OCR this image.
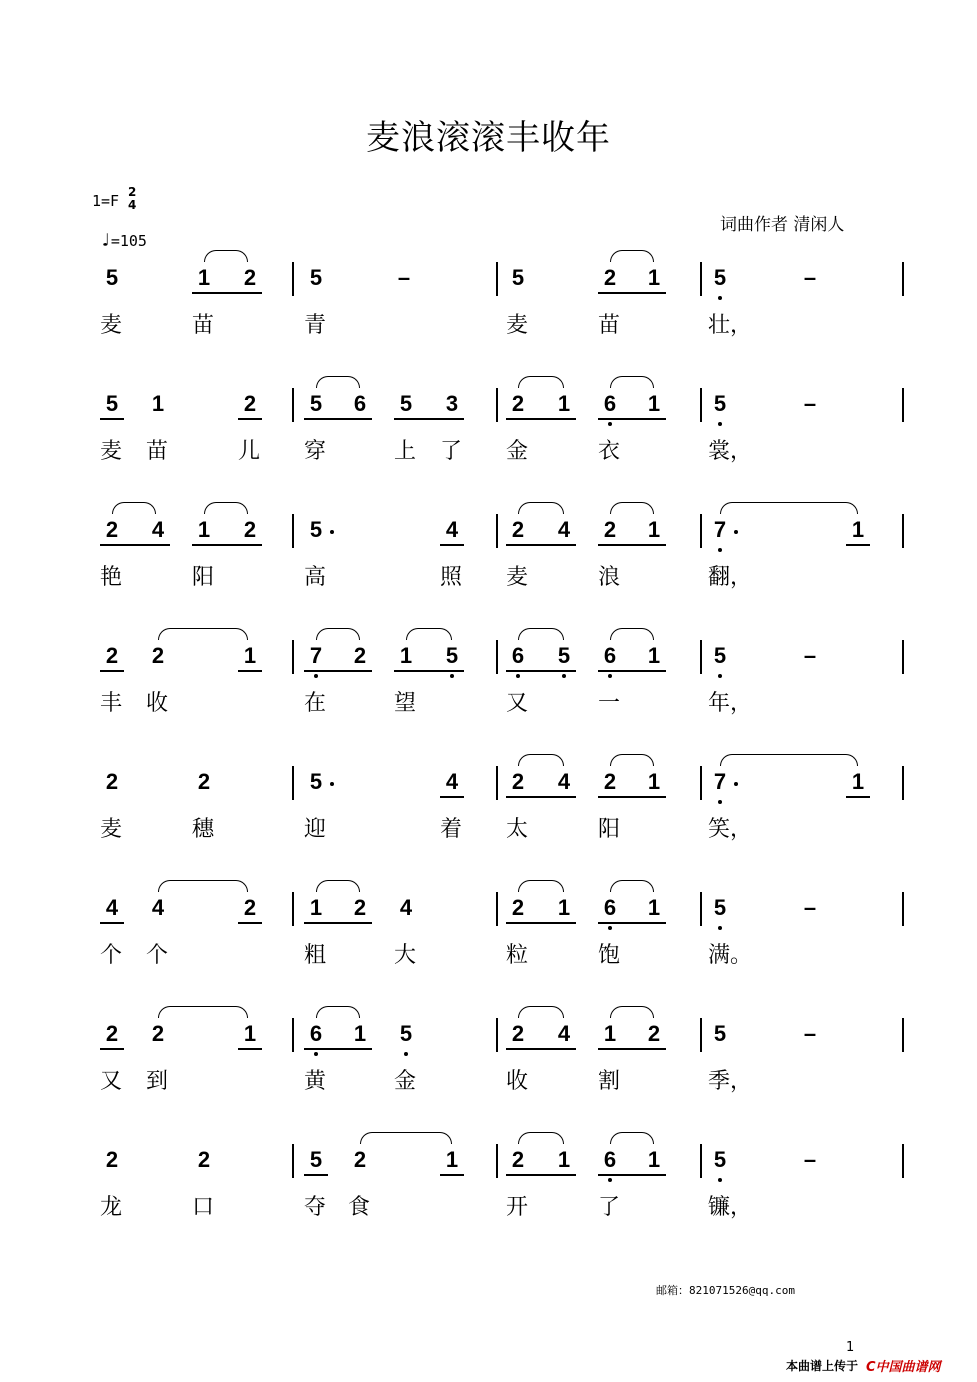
麦浪滚滚丰收年
1=F 2
4
♩=105
词曲作者 清闲人
5	1 2 5	–	5	2 1 5	–
麦	苗	青	麦	苗	壮，
5 1	2 5 6 5 3 2 1 6 1 5	–
麦	苗	儿	穿	上	了	金	衣	裳，
2 4 1 2 5	4 2 4 2 1 7	1
艳	阳	高	照	麦	浪	翻，
2 2	1 7 2 1 5 6 5 6 1 5	–
丰	收	在	望	又	一	年，
2	2	5	4 2 4 2 1 7	1
麦	穗	迎	着	太	阳	笑，
4 4	2 1 2 4	2 1 6 1 5	–
个	个	粗	大	粒	饱	满。
2 2	1 6 1 5	2 4 1 2 5	–
又	到	黄	金	收	割	季，
2	2	5 2	1 2 1 6 1 5	–
龙	口	夺 食	开	了	镰，
邮箱：821071526@qq.com
1
本曲谱上传于 C中国曲谱网
